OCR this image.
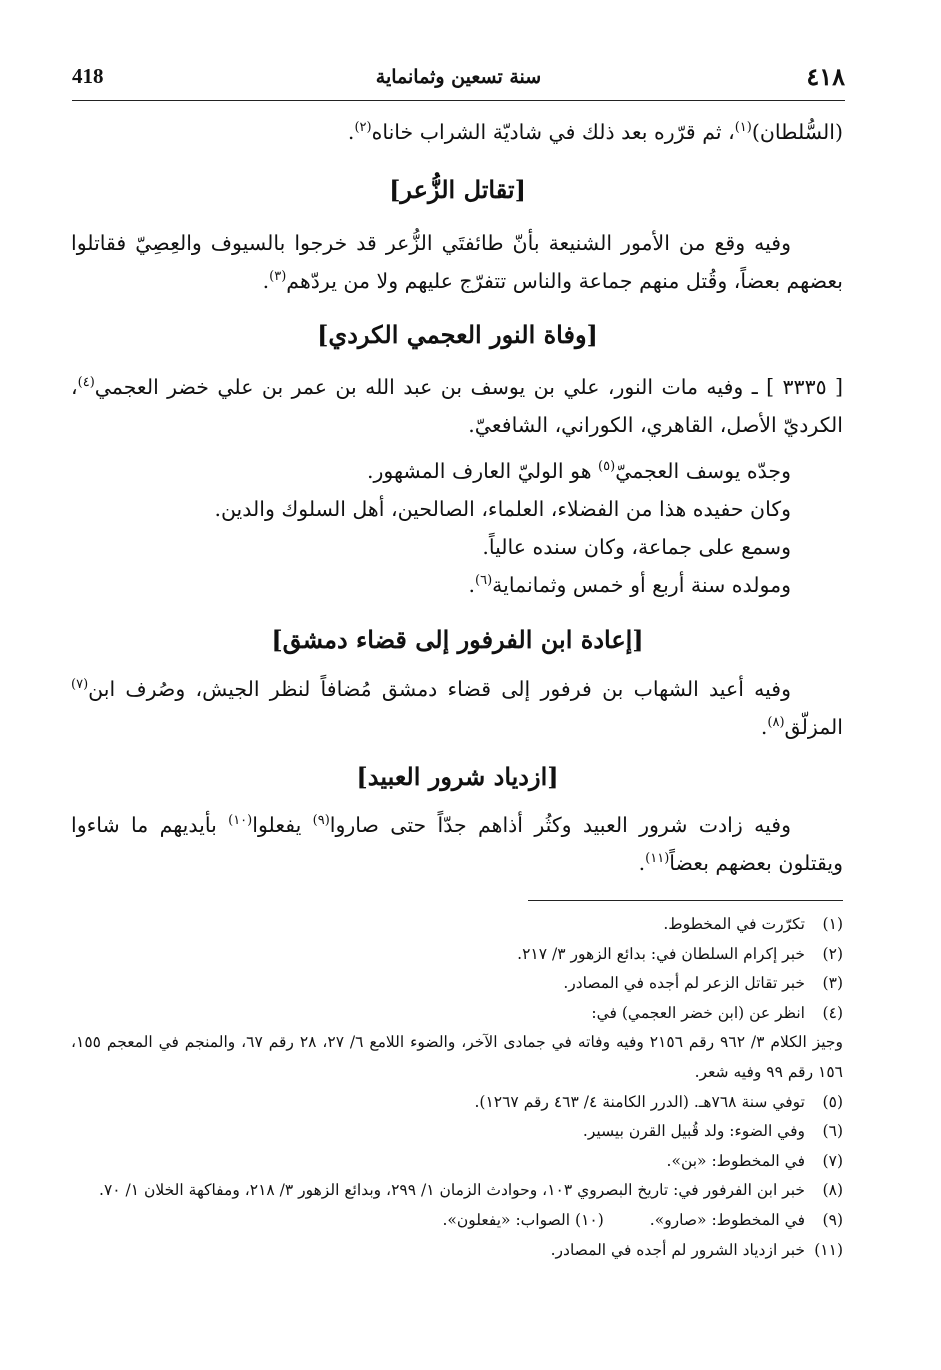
٤١٨
سنة تسعين وثمانماية
418
(السُّلطان)$^{(١)}$، ثم قرّره بعد ذلك في شاديّة الشراب خاناه$^{(٢)}$.
[تقاتل الزُّعر]
وفيه وقع من الأمور الشنيعة بأنّ طائفتَي الزُّعر قد خرجوا بالسيوف والعِصِيّ فقاتلوا بعضهم بعضاً، وقُتل منهم جماعة والناس تتفرّج عليهم ولا من يردّهم$^{(٣)}$.
[وفاة النور العجمي الكردي]
[ ٣٣٣٥ ] ـ وفيه مات النور، علي بن يوسف بن عبد الله بن عمر بن علي خضر العجمي$^{(٤)}$، الكرديّ الأصل، القاهري، الكوراني، الشافعيّ.
وجدّه يوسف العجميّ$^{(٥)}$ هو الوليّ العارف المشهور.
وكان حفيده هذا من الفضلاء، العلماء، الصالحين، أهل السلوك والدين.
وسمع على جماعة، وكان سنده عالياً.
ومولده سنة أربع أو خمس وثمانماية$^{(٦)}$.
[إعادة ابن الفرفور إلى قضاء دمشق]
وفيه أعيد الشهاب بن فرفور إلى قضاء دمشق مُضافاً لنظر الجيش، وصُرف ابن$^{(٧)}$ المزلّق$^{(٨)}$.
[ازدياد شرور العبيد]
وفيه زادت شرور العبيد وكثُر أذاهم جدّاً حتى صاروا$^{(٩)}$ يفعلوا$^{(١٠)}$ بأيديهم ما شاءوا ويقتلون بعضهم بعضاً$^{(١١)}$.

(١)
تكرّرت في المخطوط.

(٢)
خبر إكرام السلطان في: بدائع الزهور ٣/ ٢١٧.

(٣)
خبر تقاتل الزعر لم أجده في المصادر.

(٤)
انظر عن (ابن خضر العجمي) في:

وجيز الكلام ٣/ ٩٦٢ رقم ٢١٥٦ وفيه وفاته في جمادى الآخر، والضوء اللامع ٦/ ٢٧، ٢٨ رقم ٦٧، والمنجم في المعجم ١٥٥، ١٥٦ رقم ٩٩ وفيه شعر.

(٥)
توفي سنة ٧٦٨هـ. (الدرر الكامنة ٤/ ٤٦٣ رقم ١٢٦٧).

(٦)
وفي الضوء: ولد قُبيل القرن بيسير.

(٧)
في المخطوط: «بن».

(٨)
خبر ابن الفرفور في: تاريخ البصروي ١٠٣، وحوادث الزمان ١/ ٢٩٩، وبدائع الزهور ٣/ ٢١٨، ومفاكهة الخلان ١/ ٧٠.

(٩)
في المخطوط: «صارو».

(١٠) الصواب: «يفعلون».

(١١)
خبر ازدياد الشرور لم أجده في المصادر.
